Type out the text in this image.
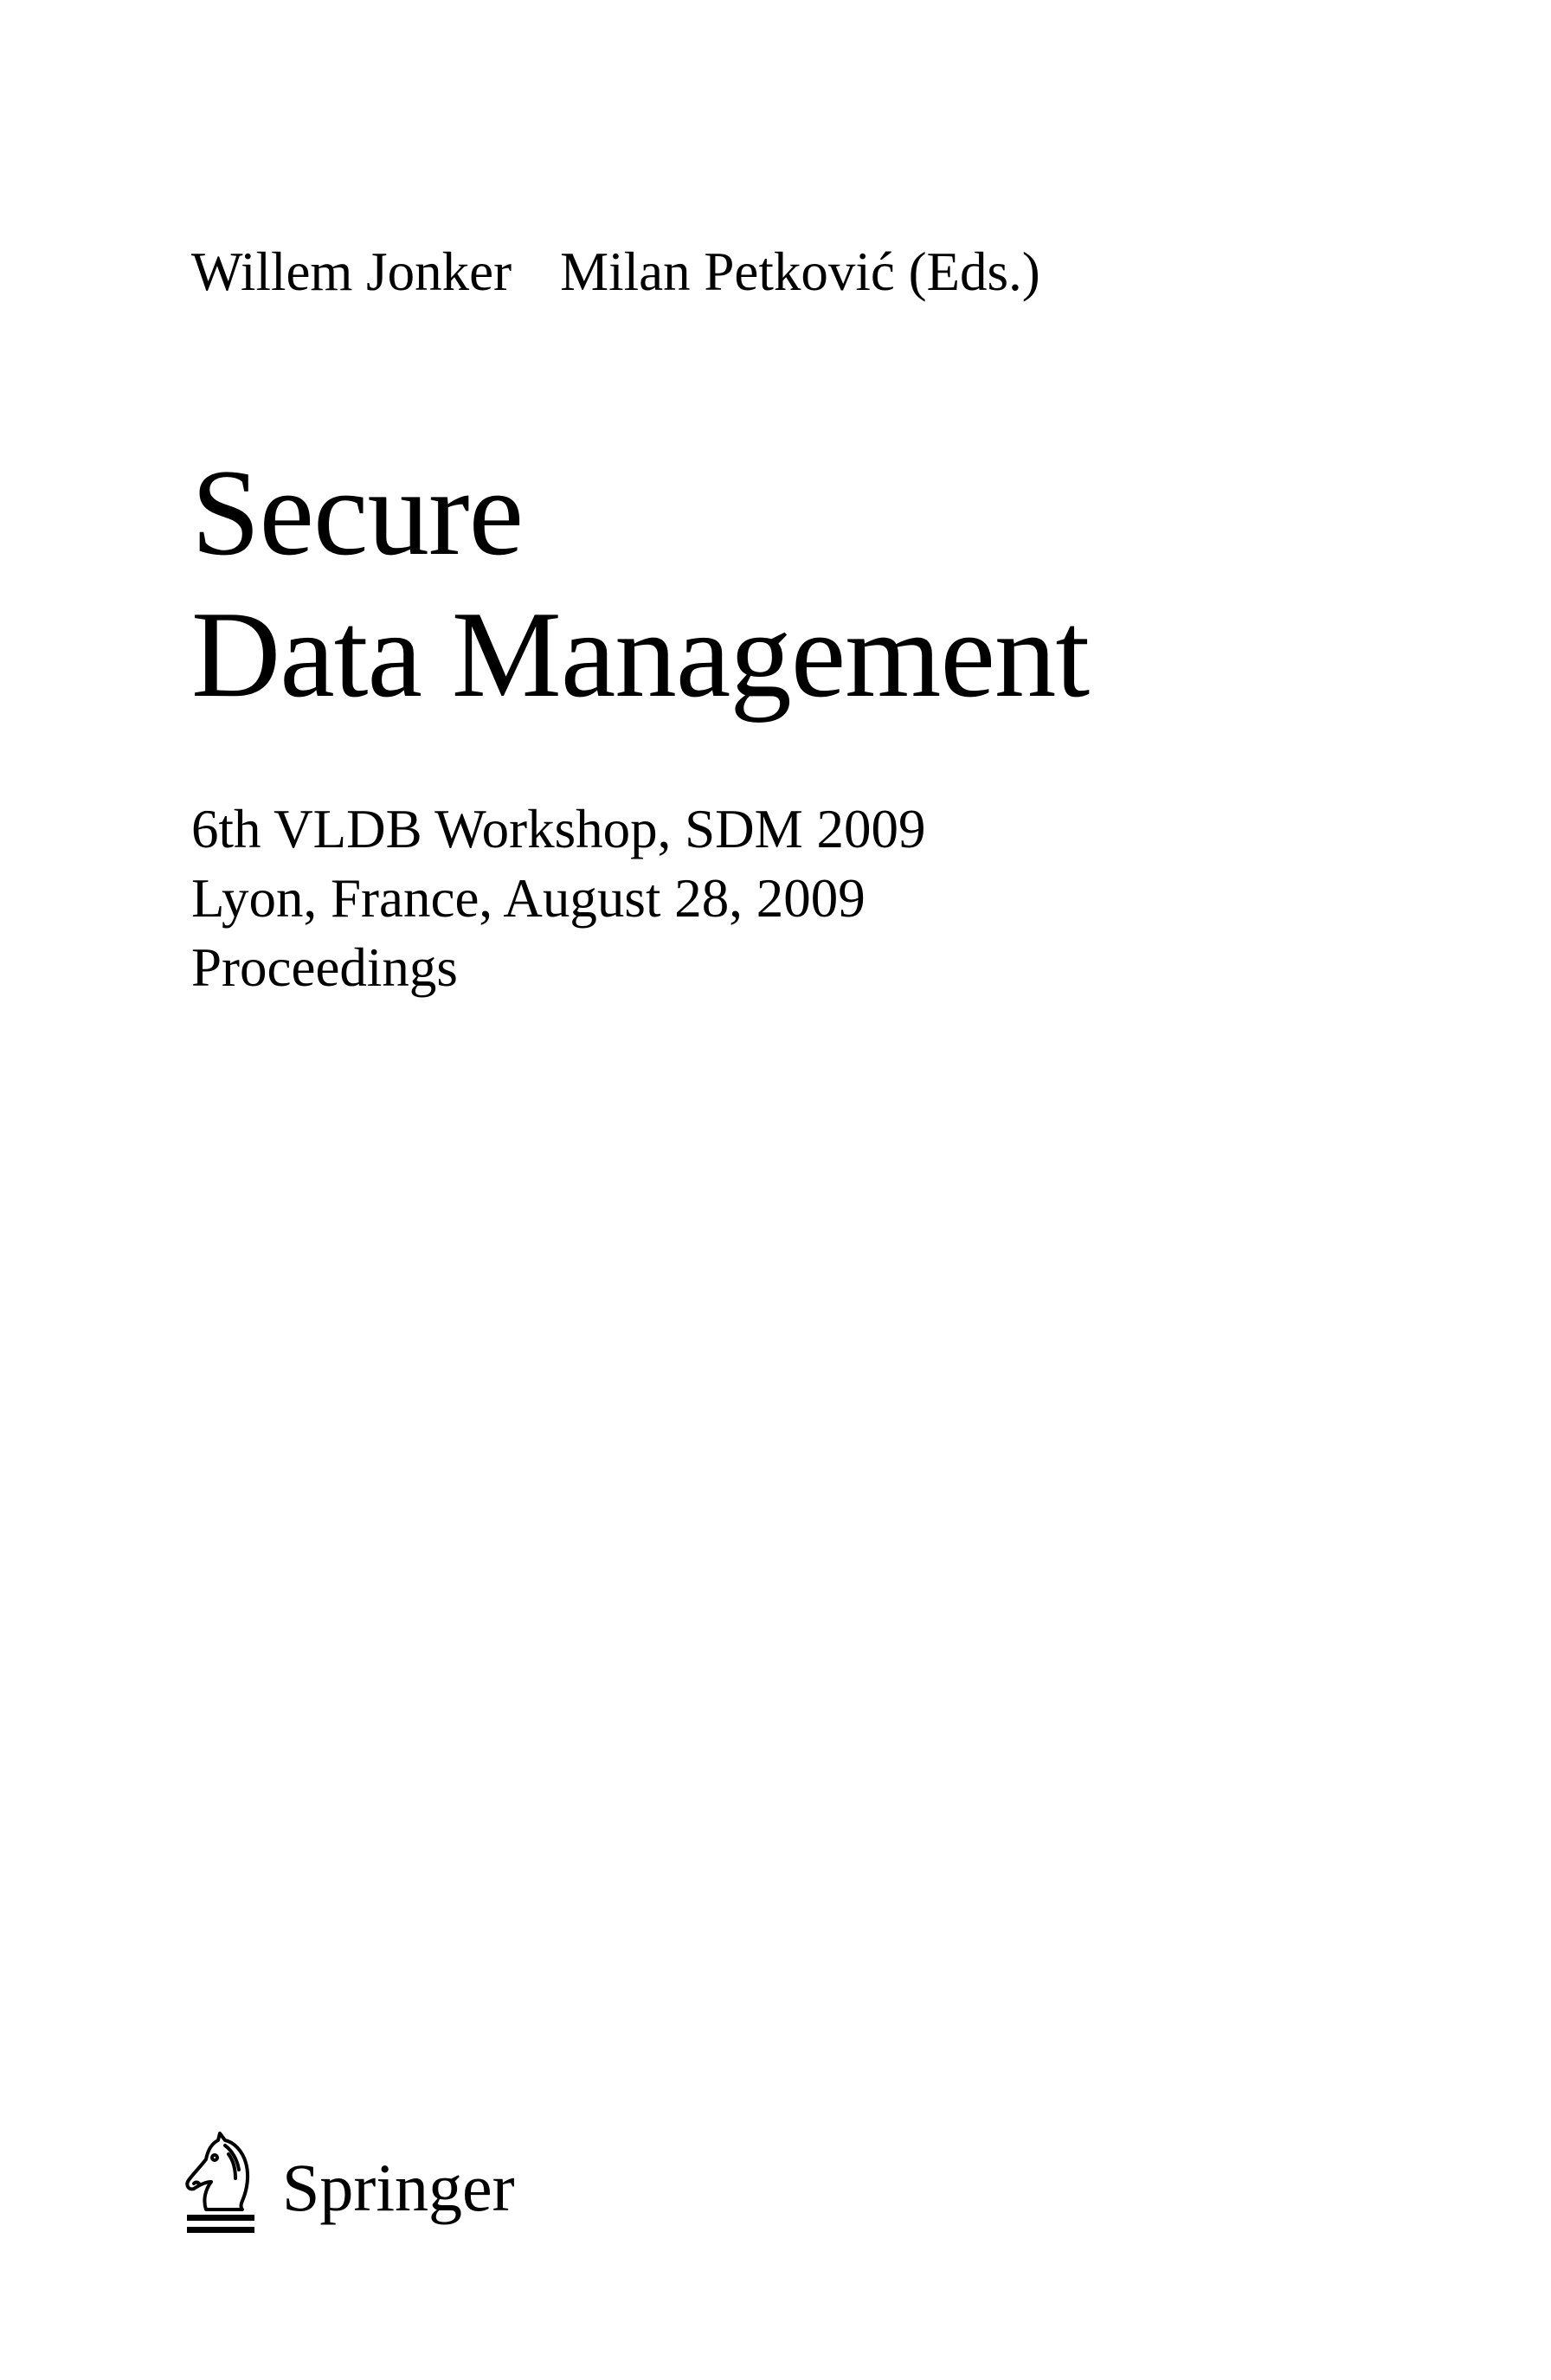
Willem Jonker Milan Petković (Eds.)
Secure
Data Management
6th VLDB Workshop, SDM 2009
Lyon, France, August 28, 2009
Proceedings
Springer
